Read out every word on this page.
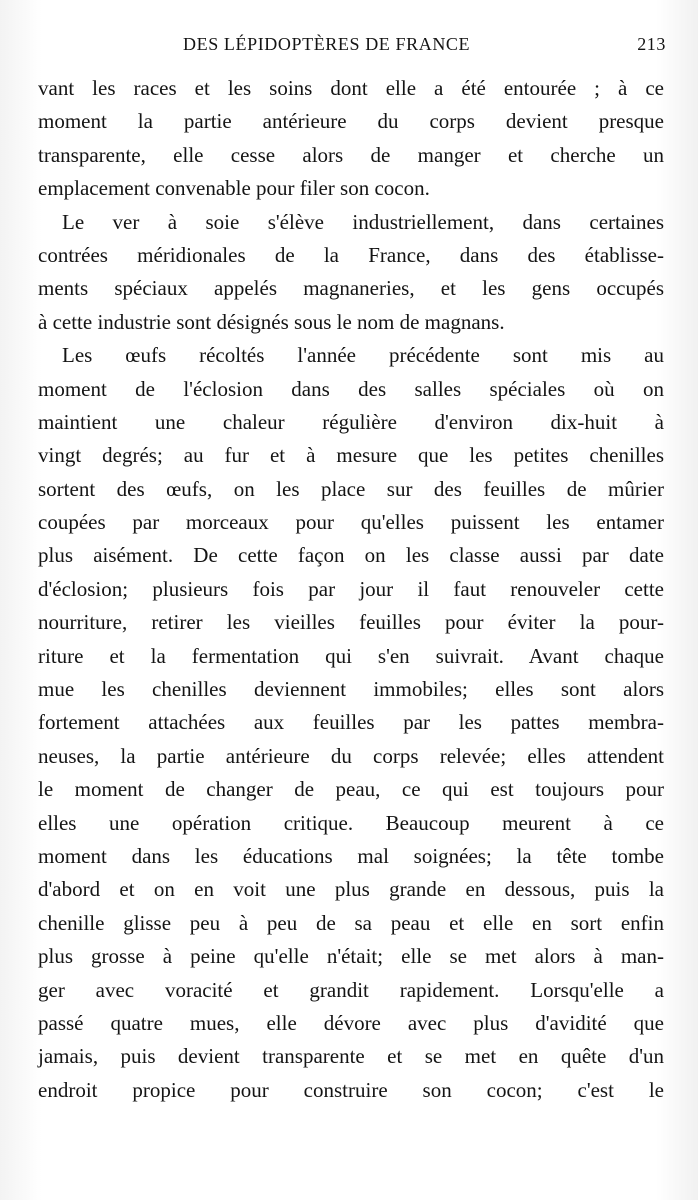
DES LÉPIDOPTÈRES DE FRANCE	213
vant les races et les soins dont elle a été entourée ; à ce
moment la partie antérieure du corps devient presque
transparente, elle cesse alors de manger et cherche un
emplacement convenable pour filer son cocon.
Le ver à soie s'élève industriellement, dans certaines
contrées méridionales de la France, dans des établisse-
ments spéciaux appelés magnaneries, et les gens occupés
à cette industrie sont désignés sous le nom de magnans.
Les œufs récoltés l'année précédente sont mis au
moment de l'éclosion dans des salles spéciales où on
maintient une chaleur régulière d'environ dix-huit à
vingt degrés; au fur et à mesure que les petites chenilles
sortent des œufs, on les place sur des feuilles de mûrier
coupées par morceaux pour qu'elles puissent les entamer
plus aisément. De cette façon on les classe aussi par date
d'éclosion; plusieurs fois par jour il faut renouveler cette
nourriture, retirer les vieilles feuilles pour éviter la pour-
riture et la fermentation qui s'en suivrait. Avant chaque
mue les chenilles deviennent immobiles; elles sont alors
fortement attachées aux feuilles par les pattes membra-
neuses, la partie antérieure du corps relevée; elles attendent
le moment de changer de peau, ce qui est toujours pour
elles une opération critique. Beaucoup meurent à ce
moment dans les éducations mal soignées; la tête tombe
d'abord et on en voit une plus grande en dessous, puis la
chenille glisse peu à peu de sa peau et elle en sort enfin
plus grosse à peine qu'elle n'était; elle se met alors à man-
ger avec voracité et grandit rapidement. Lorsqu'elle a
passé quatre mues, elle dévore avec plus d'avidité que
jamais, puis devient transparente et se met en quête d'un
endroit propice pour construire son cocon; c'est le
